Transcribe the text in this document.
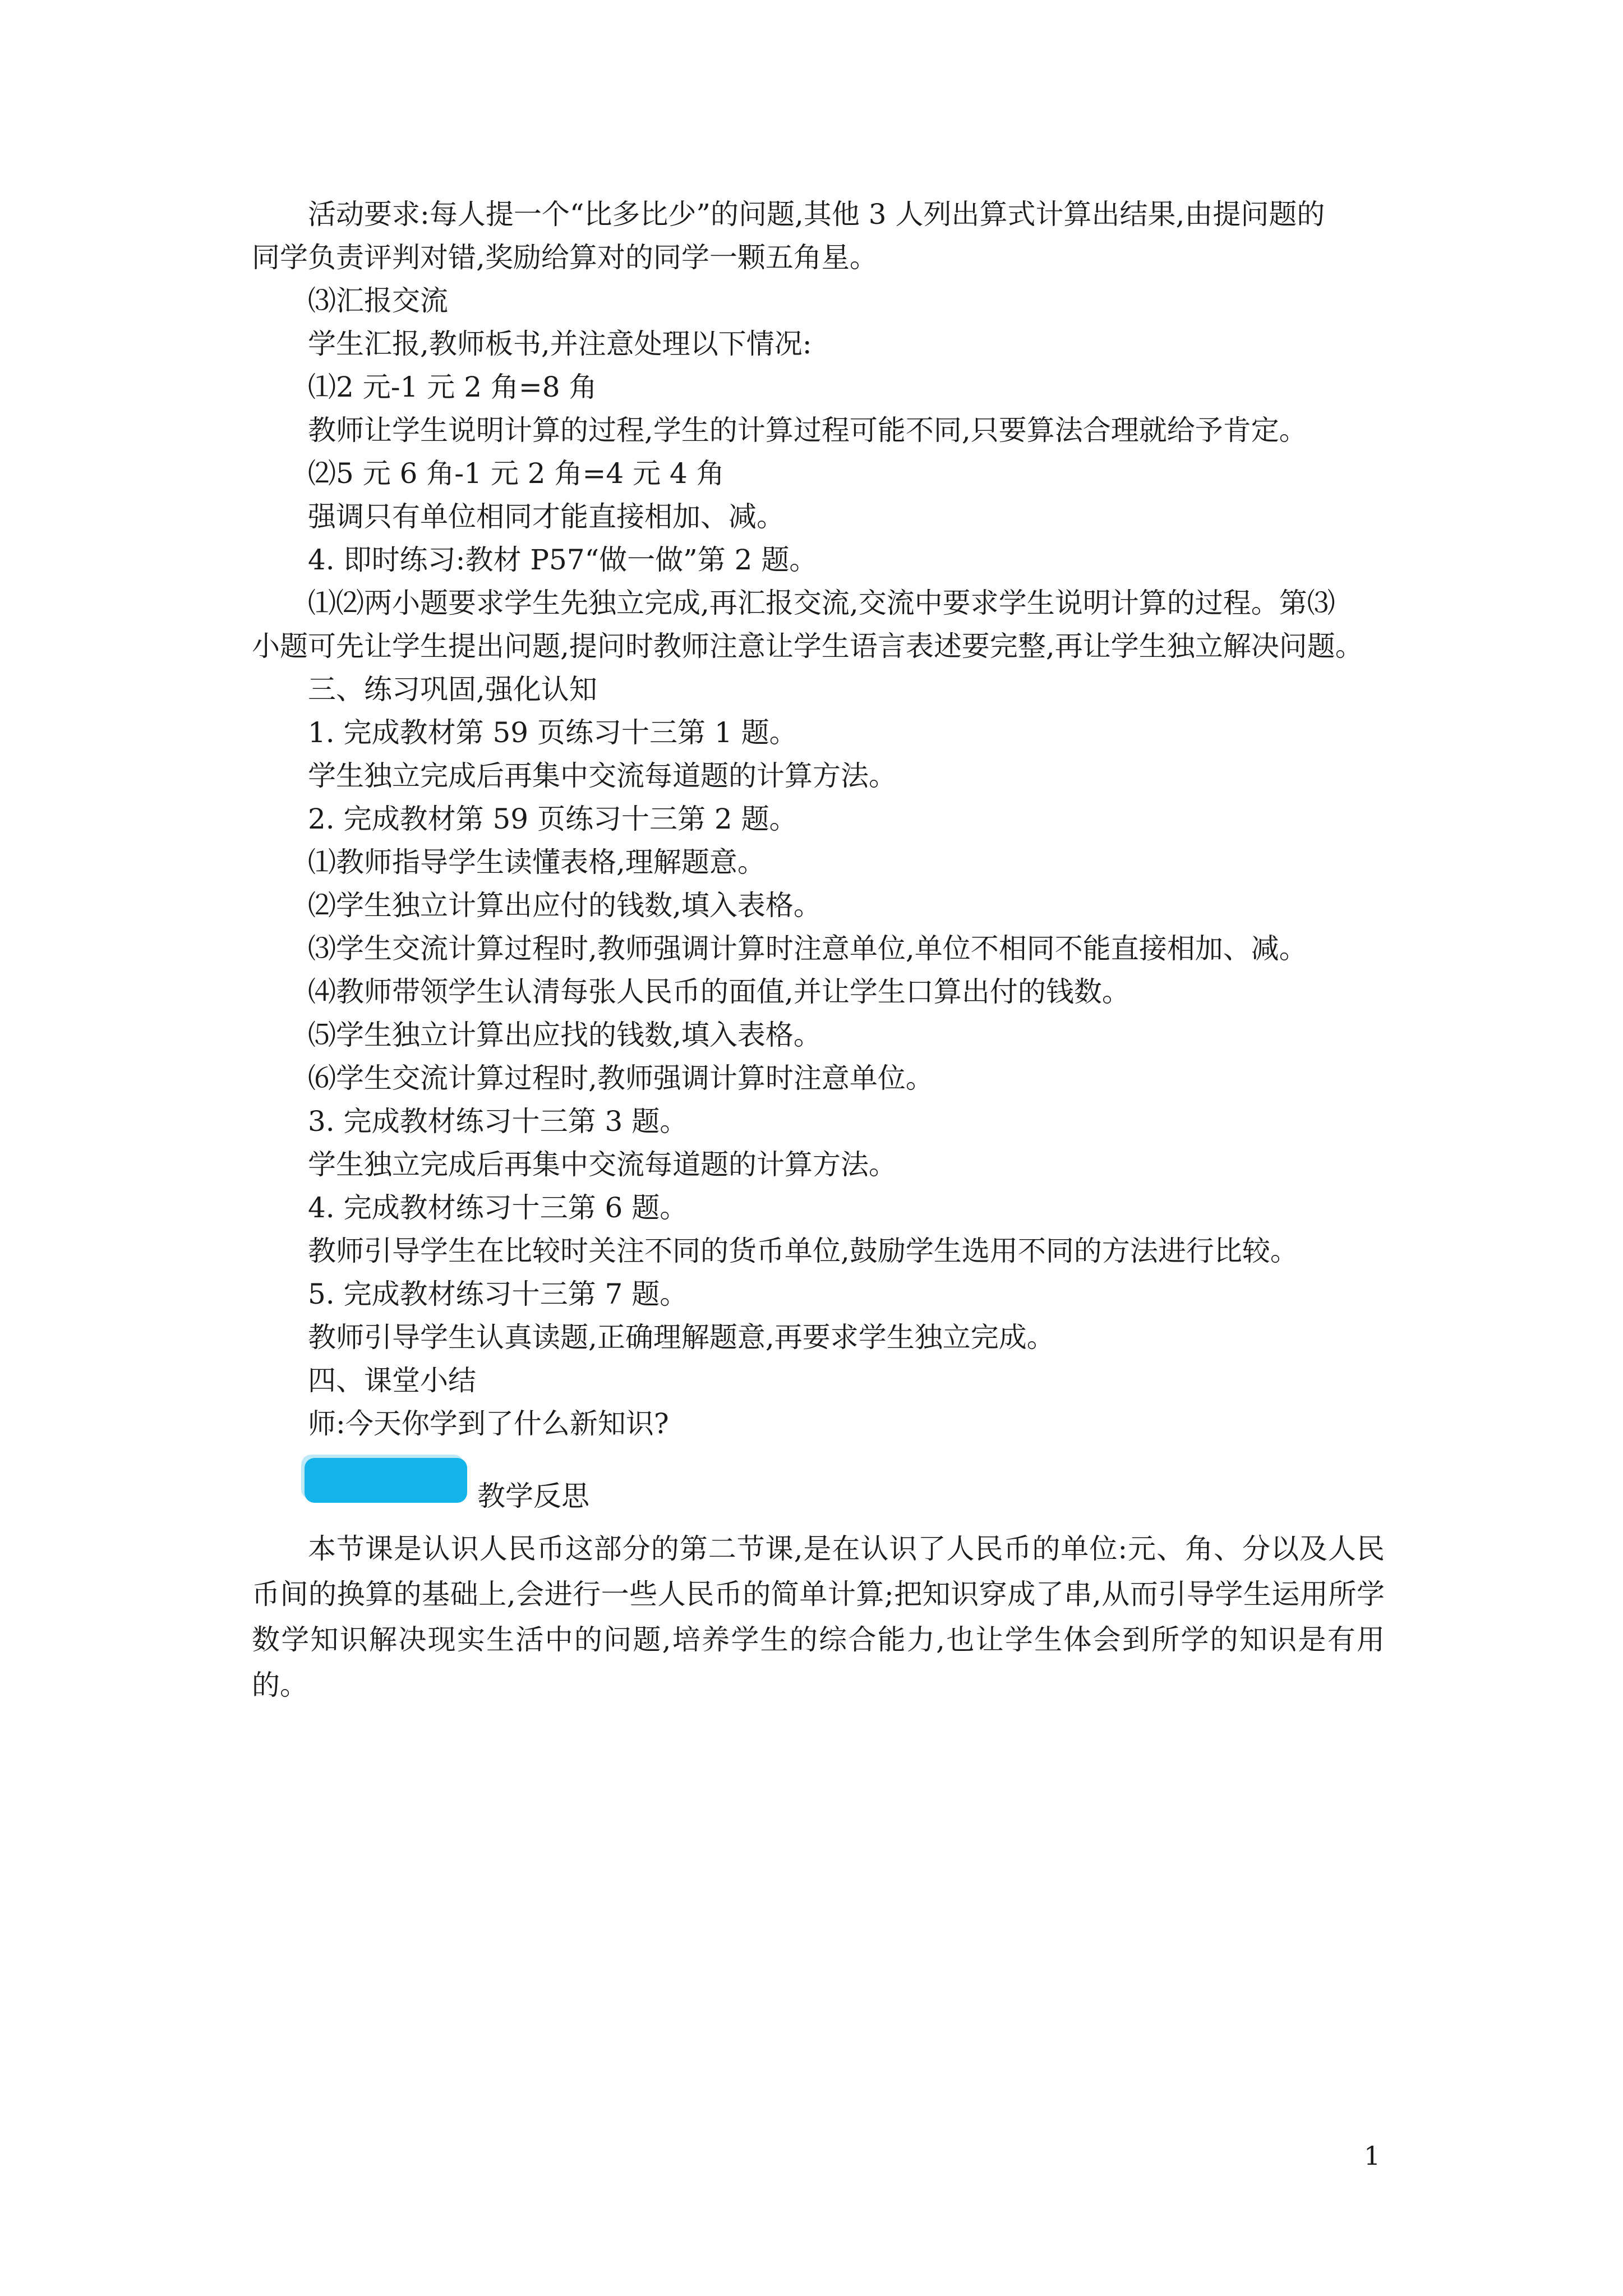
活动要求:每人提一个“比多比少”的问题,其他 3 人列出算式计算出结果,由提问题的

同学负责评判对错,奖励给算对的同学一颗五角星。

⑶汇报交流

学生汇报,教师板书,并注意处理以下情况:

⑴2 元-1 元 2 角=8 角

教师让学生说明计算的过程,学生的计算过程可能不同,只要算法合理就给予肯定。

⑵5 元 6 角-1 元 2 角=4 元 4 角

强调只有单位相同才能直接相加、减。

4. 即时练习:教材 P57“做一做”第 2 题。

⑴⑵两小题要求学生先独立完成,再汇报交流,交流中要求学生说明计算的过程。第⑶

小题可先让学生提出问题,提问时教师注意让学生语言表述要完整,再让学生独立解决问题。

三、练习巩固,强化认知

1. 完成教材第 59 页练习十三第 1 题。

学生独立完成后再集中交流每道题的计算方法。

2. 完成教材第 59 页练习十三第 2 题。

⑴教师指导学生读懂表格,理解题意。

⑵学生独立计算出应付的钱数,填入表格。

⑶学生交流计算过程时,教师强调计算时注意单位,单位不相同不能直接相加、减。

⑷教师带领学生认清每张人民币的面值,并让学生口算出付的钱数。

⑸学生独立计算出应找的钱数,填入表格。

⑹学生交流计算过程时,教师强调计算时注意单位。

3. 完成教材练习十三第 3 题。

学生独立完成后再集中交流每道题的计算方法。

4. 完成教材练习十三第 6 题。

教师引导学生在比较时关注不同的货币单位,鼓励学生选用不同的方法进行比较。

5. 完成教材练习十三第 7 题。

教师引导学生认真读题,正确理解题意,再要求学生独立完成。

四、课堂小结

师:今天你学到了什么新知识?

教学反思

本节课是认识人民币这部分的第二节课,是在认识了人民币的单位:元、角、分以及人民币间的换算的基础上,会进行一些人民币的简单计算;把知识穿成了串,从而引导学生运用所学数学知识解决现实生活中的问题,培养学生的综合能力,也让学生体会到所学的知识是有用的。

1
